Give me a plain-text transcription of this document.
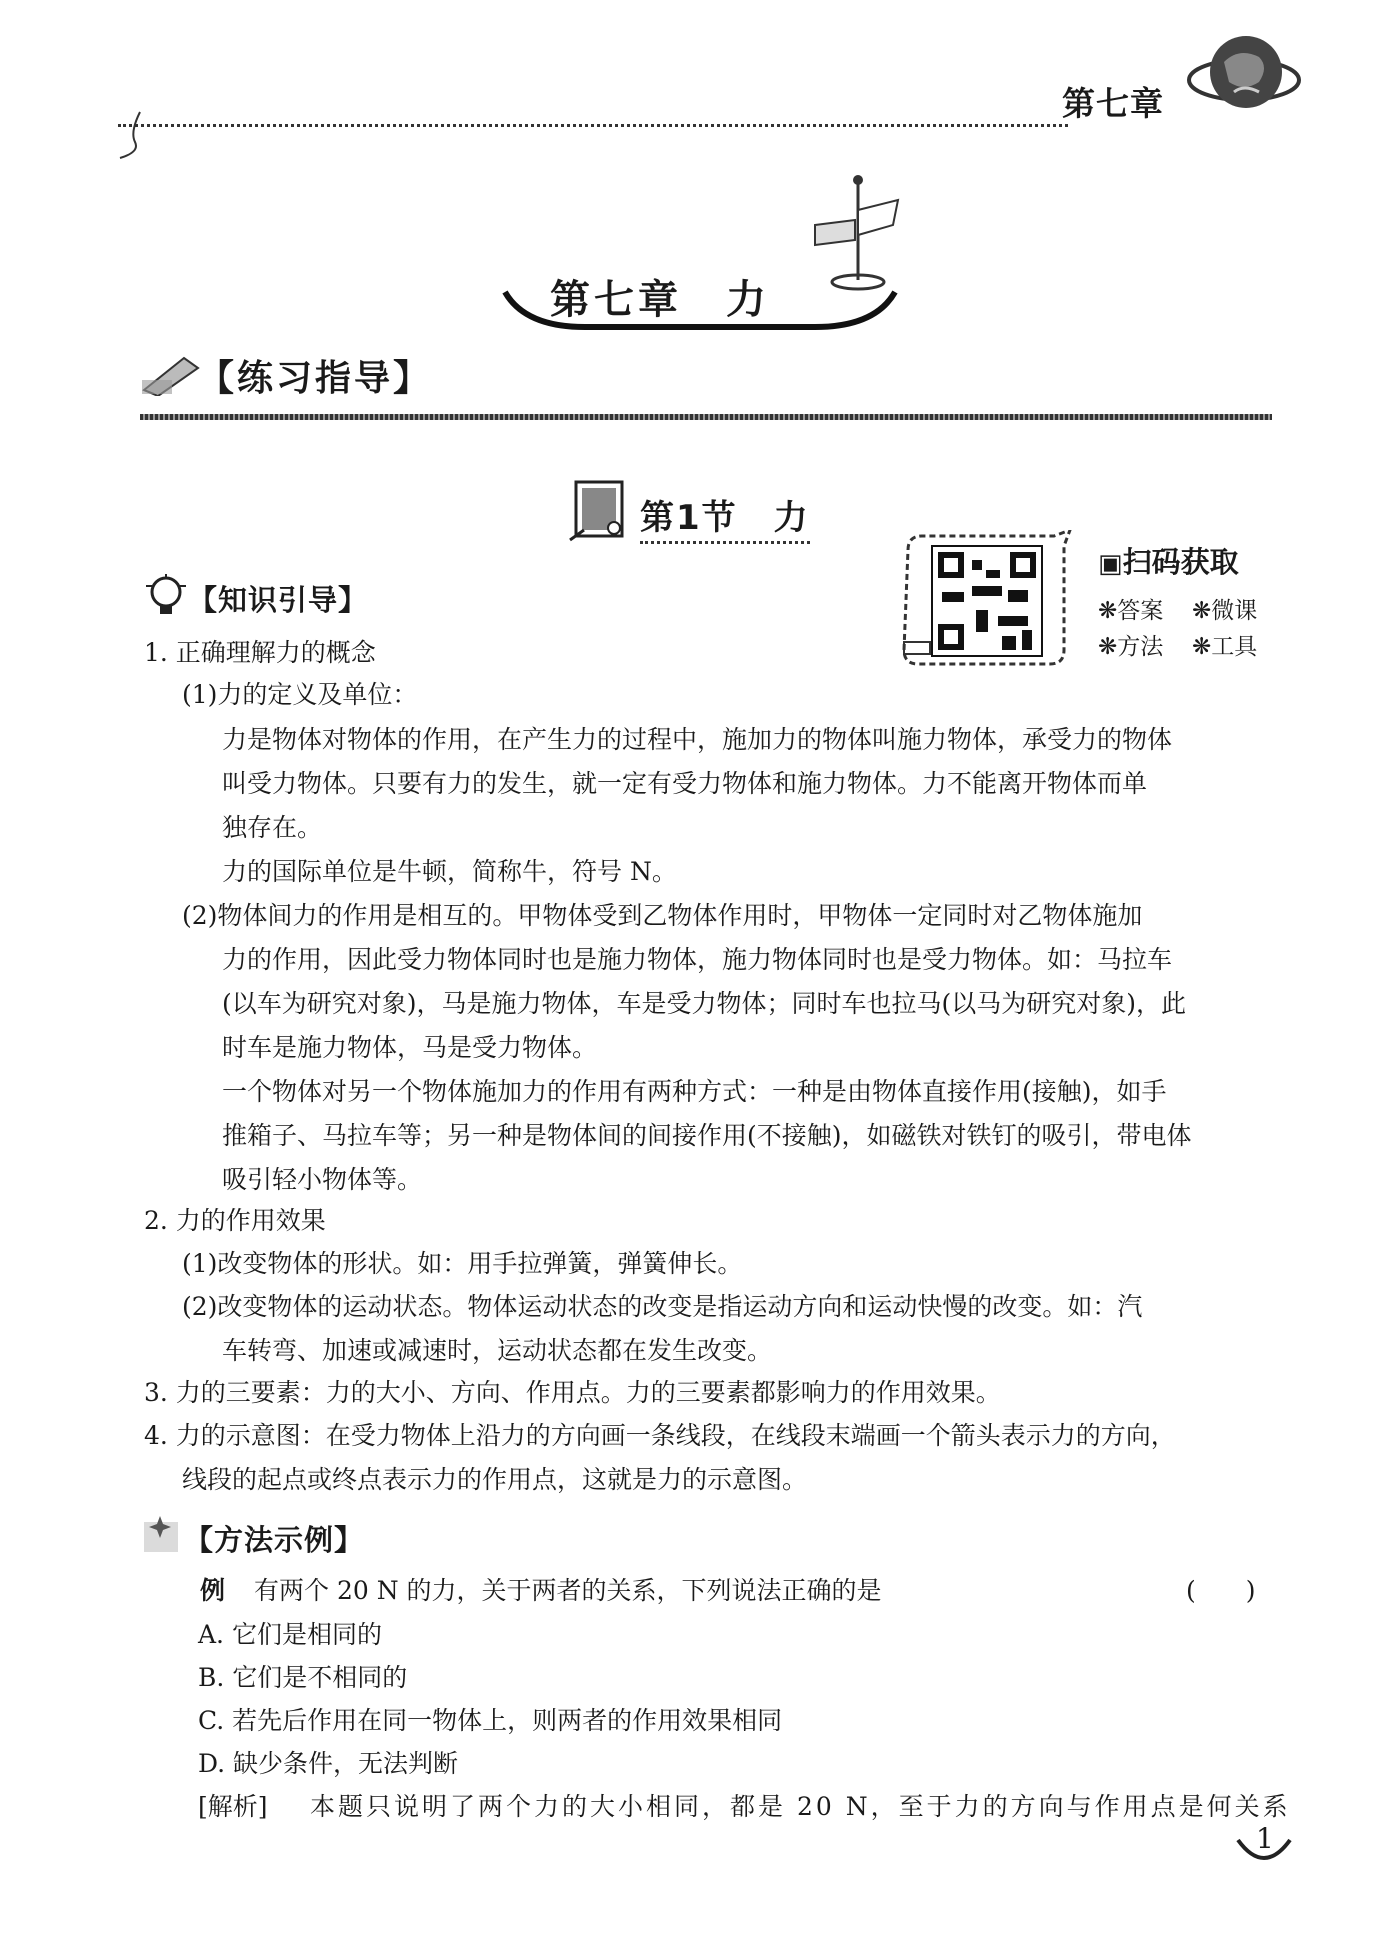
第七章
第七章　力
【练习指导】
第1节　力
▣扫码获取
❋答案 ❋微课
❋方法 ❋工具
【知识引导】
1. 正确理解力的概念
(1)力的定义及单位：
力是物体对物体的作用，在产生力的过程中，施加力的物体叫施力物体，承受力的物体
叫受力物体。只要有力的发生，就一定有受力物体和施力物体。力不能离开物体而单
独存在。
力的国际单位是牛顿，简称牛，符号 N。
(2)物体间力的作用是相互的。甲物体受到乙物体作用时，甲物体一定同时对乙物体施加
力的作用，因此受力物体同时也是施力物体，施力物体同时也是受力物体。如：马拉车
(以车为研究对象)，马是施力物体，车是受力物体；同时车也拉马(以马为研究对象)，此
时车是施力物体，马是受力物体。
一个物体对另一个物体施加力的作用有两种方式：一种是由物体直接作用(接触)，如手
推箱子、马拉车等；另一种是物体间的间接作用(不接触)，如磁铁对铁钉的吸引，带电体
吸引轻小物体等。
2. 力的作用效果
(1)改变物体的形状。如：用手拉弹簧，弹簧伸长。
(2)改变物体的运动状态。物体运动状态的改变是指运动方向和运动快慢的改变。如：汽
车转弯、加速或减速时，运动状态都在发生改变。
3. 力的三要素：力的大小、方向、作用点。力的三要素都影响力的作用效果。
4. 力的示意图：在受力物体上沿力的方向画一条线段，在线段末端画一个箭头表示力的方向，
线段的起点或终点表示力的作用点，这就是力的示意图。
【方法示例】
例 有两个 20 N 的力，关于两者的关系，下列说法正确的是	(　　)
A. 它们是相同的
B. 它们是不相同的
C. 若先后作用在同一物体上，则两者的作用效果相同
D. 缺少条件，无法判断
[解析] 本题只说明了两个力的大小相同，都是 20 N，至于力的方向与作用点是何关系
1
